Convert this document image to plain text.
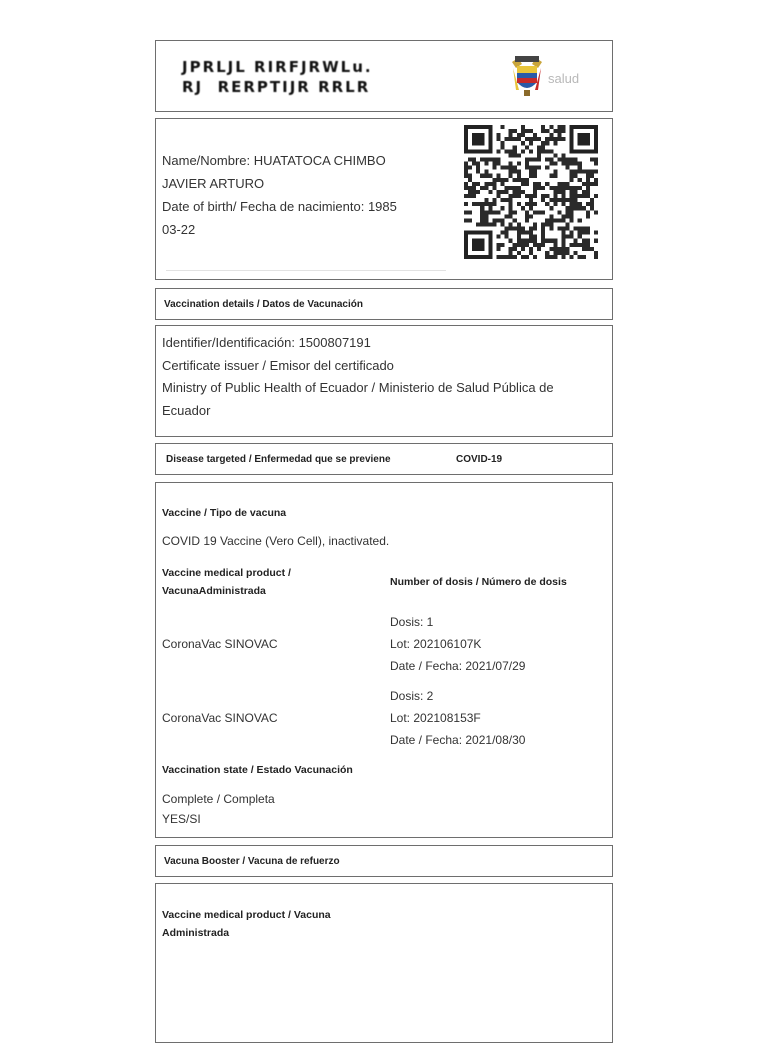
JPRLJL RIRFJRWLu.
RJ  RERPTIJR RRLR	salud
Name/Nombre: HUATATOCA CHIMBO
JAVIER ARTURO
Date of birth/ Fecha de nacimiento: 1985
03-22
Vaccination details / Datos de Vacunación
Identifier/Identificación: 1500807191
Certificate issuer / Emisor del certificado
Ministry of Public Health of Ecuador / Ministerio de Salud Pública de
Ecuador
Disease targeted / Enfermedad que se previene	COVID-19
Vaccine / Tipo de vacuna
COVID 19 Vaccine (Vero Cell), inactivated.
Vaccine medical product /
VacunaAdministrada
Number of dosis / Número de dosis
CoronaVac SINOVAC
Dosis: 1
Lot: 202106107K
Date / Fecha: 2021/07/29
CoronaVac SINOVAC
Dosis: 2
Lot: 202108153F
Date / Fecha: 2021/08/30
Vaccination state / Estado Vacunación
Complete / Completa
YES/SI
Vacuna Booster / Vacuna de refuerzo
Vaccine medical product / Vacuna
Administrada
